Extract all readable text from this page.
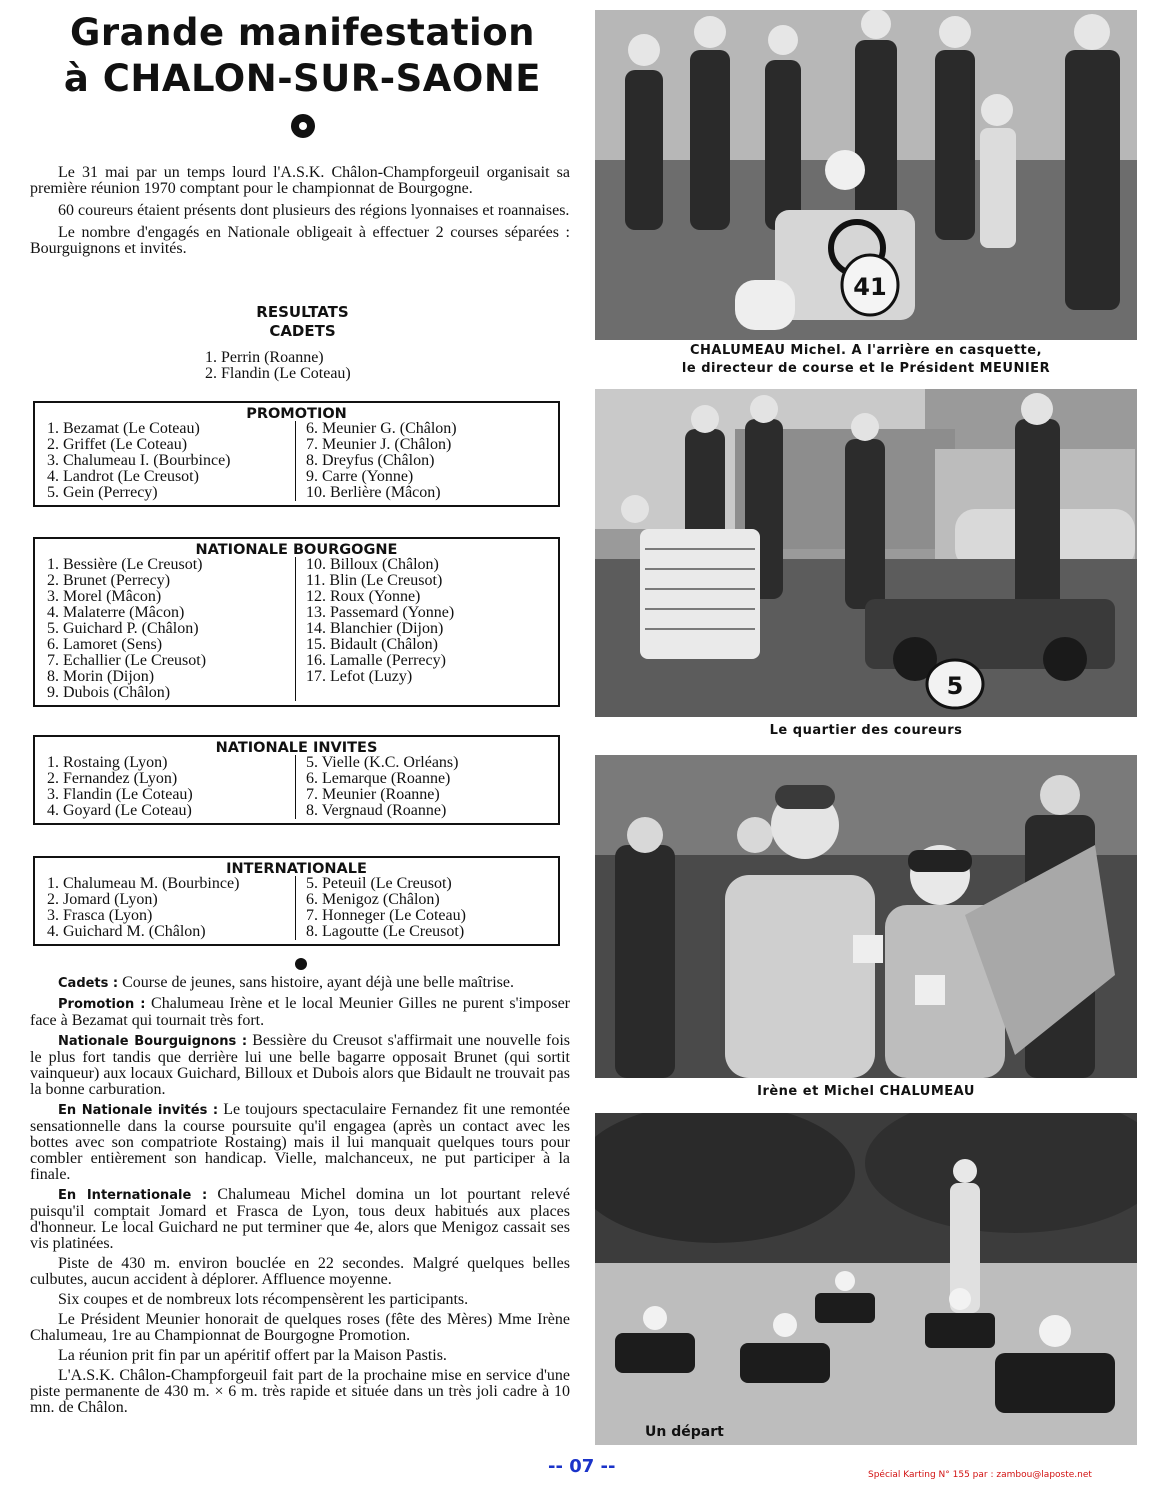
Grande manifestation
à CHALON-SUR-SAONE

Le 31 mai par un temps lourd l'A.S.K. Châlon-Champforgeuil organisait sa première réunion 1970 comptant pour le championnat de Bourgogne.

60 coureurs étaient présents dont plusieurs des régions lyonnaises et roannaises.

Le nombre d'engagés en Nationale obligeait à effectuer 2 courses séparées : Bourguignons et invités.

RESULTATS
CADETS
1. Perrin (Roanne)
2. Flandin (Le Coteau)
PROMOTION
1. Bezamat (Le Coteau)
2. Griffet (Le Coteau)
3. Chalumeau I. (Bourbince)
4. Landrot (Le Creusot)
5. Gein (Perrecy)
6. Meunier G. (Châlon)
7. Meunier J. (Châlon)
8. Dreyfus (Châlon)
9. Carre (Yonne)
10. Berlière (Mâcon)
NATIONALE BOURGOGNE
1. Bessière (Le Creusot)
2. Brunet (Perrecy)
3. Morel (Mâcon)
4. Malaterre (Mâcon)
5. Guichard P. (Châlon)
6. Lamoret (Sens)
7. Echallier (Le Creusot)
8. Morin (Dijon)
9. Dubois (Châlon)
10. Billoux (Châlon)
11. Blin (Le Creusot)
12. Roux (Yonne)
13. Passemard (Yonne)
14. Blanchier (Dijon)
15. Bidault (Châlon)
16. Lamalle (Perrecy)
17. Lefot (Luzy)
NATIONALE INVITES
1. Rostaing (Lyon)
2. Fernandez (Lyon)
3. Flandin (Le Coteau)
4. Goyard (Le Coteau)
5. Vielle (K.C. Orléans)
6. Lemarque (Roanne)
7. Meunier (Roanne)
8. Vergnaud (Roanne)
INTERNATIONALE
1. Chalumeau M. (Bourbince)
2. Jomard (Lyon)
3. Frasca (Lyon)
4. Guichard M. (Châlon)
5. Peteuil (Le Creusot)
6. Menigoz (Châlon)
7. Honneger (Le Coteau)
8. Lagoutte (Le Creusot)

Cadets : Course de jeunes, sans histoire, ayant déjà une belle maîtrise.

Promotion : Chalumeau Irène et le local Meunier Gilles ne purent s'imposer face à Bezamat qui tournait très fort.

Nationale Bourguignons : Bessière du Creusot s'affirmait une nouvelle fois le plus fort tandis que derrière lui une belle bagarre opposait Brunet (qui sortit vainqueur) aux locaux Guichard, Billoux et Dubois alors que Bidault ne trouvait pas la bonne carburation.

En Nationale invités : Le toujours spectaculaire Fernandez fit une remontée sensationnelle dans la course poursuite qu'il engagea (après un contact avec les bottes avec son compatriote Rostaing) mais il lui manquait quelques tours pour combler entièrement son handicap. Vielle, malchanceux, ne put participer à la finale.

En Internationale : Chalumeau Michel domina un lot pourtant relevé puisqu'il comptait Jomard et Frasca de Lyon, tous deux habitués aux places d'honneur. Le local Guichard ne put terminer que 4e, alors que Menigoz cassait ses vis platinées.

Piste de 430 m. environ bouclée en 22 secondes. Malgré quelques belles culbutes, aucun accident à déplorer. Affluence moyenne.

Six coupes et de nombreux lots récompensèrent les participants.

Le Président Meunier honorait de quelques roses (fête des Mères) Mme Irène Chalumeau, 1re au Championnat de Bourgogne Promotion.

La réunion prit fin par un apéritif offert par la Maison Pastis.

L'A.S.K. Châlon-Champforgeuil fait part de la prochaine mise en service d'une piste permanente de 430 m. × 6 m. très rapide et située dans un très joli cadre à 10 mn. de Châlon.

41
CHALUMEAU Michel. A l'arrière en casquette,
le directeur de course et le Président MEUNIER
5
Le quartier des coureurs
Irène et Michel CHALUMEAU
Un départ
-- 07 --	Spécial Karting N° 155 par : zambou@laposte.net
